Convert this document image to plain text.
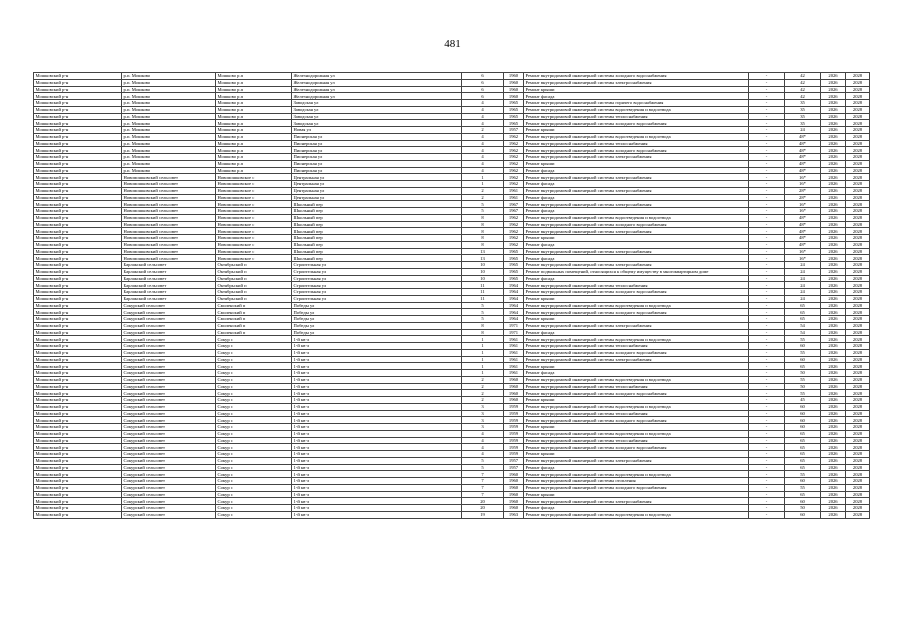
481
Мошковский р-н	р.п. Мошково	Мошково р.п	Железнодорожная ул	6	1960	Ремонт внутридомовой инженерной системы холодного водоснабжения	-	42	2026	2028
Мошковский р-н	р.п. Мошково	Мошково р.п	Железнодорожная ул	6	1960	Ремонт внутридомовой инженерной системы электроснабжения	-	42	2026	2028
Мошковский р-н	р.п. Мошково	Мошково р.п	Железнодорожная ул	6	1960	Ремонт крыши	-	42	2026	2028
Мошковский р-н	р.п. Мошково	Мошково р.п	Железнодорожная ул	6	1960	Ремонт фасада	-	42	2026	2028
Мошковский р-н	р.п. Мошково	Мошково р.п	Заводская ул	4	1965	Ремонт внутридомовой инженерной системы горячего водоснабжения	-	35	2026	2028
Мошковский р-н	р.п. Мошково	Мошково р.п	Заводская ул	4	1965	Ремонт внутридомовой инженерной системы водоотведения и водоотвода	-	35	2026	2028
Мошковский р-н	р.п. Мошково	Мошково р.п	Заводская ул	4	1965	Ремонт внутридомовой инженерной системы теплоснабжения	-	35	2026	2028
Мошковский р-н	р.п. Мошково	Мошково р.п	Заводская ул	4	1965	Ремонт внутридомовой инженерной системы холодного водоснабжения	-	35	2026	2028
Мошковский р-н	р.п. Мошково	Мошково р.п	Новая ул	2	1957	Ремонт крыши	-	24	2026	2028
Мошковский р-н	р.п. Мошково	Мошково р.п	Пионерская ул	4	1962	Ремонт внутридомовой инженерной системы водоотведения и водоотвода	-	48*	2026	2028
Мошковский р-н	р.п. Мошково	Мошково р.п	Пионерская ул	4	1962	Ремонт внутридомовой инженерной системы теплоснабжения	-	48*	2026	2028
Мошковский р-н	р.п. Мошково	Мошково р.п	Пионерская ул	4	1962	Ремонт внутридомовой инженерной системы холодного водоснабжения	-	48*	2026	2028
Мошковский р-н	р.п. Мошково	Мошково р.п	Пионерская ул	4	1962	Ремонт внутридомовой инженерной системы электроснабжения	-	48*	2026	2028
Мошковский р-н	р.п. Мошково	Мошково р.п	Пионерская ул	4	1962	Ремонт крыши	-	48*	2026	2028
Мошковский р-н	р.п. Мошково	Мошково р.п	Пионерская ул	4	1962	Ремонт фасада	-	48*	2026	2028
Мошковский р-н	Новомошковский сельсовет	Новомошковское с	Центральная ул	1	1962	Ремонт внутридомовой инженерной системы электроснабжения	-	16*	2026	2028
Мошковский р-н	Новомошковский сельсовет	Новомошковское с	Центральная ул	1	1962	Ремонт фасада	-	16*	2026	2028
Мошковский р-н	Новомошковский сельсовет	Новомошковское с	Центральная ул	2	1961	Ремонт внутридомовой инженерной системы электроснабжения	-	28*	2026	2028
Мошковский р-н	Новомошковский сельсовет	Новомошковское с	Центральная ул	2	1961	Ремонт фасада	-	28*	2026	2028
Мошковский р-н	Новомошковский сельсовет	Новомошковское с	Школьный пер	5	1967	Ремонт внутридомовой инженерной системы электроснабжения	-	16*	2026	2028
Мошковский р-н	Новомошковский сельсовет	Новомошковское с	Школьный пер	5	1967	Ремонт фасада	-	16*	2026	2028
Мошковский р-н	Новомошковский сельсовет	Новомошковское с	Школьный пер	8	1962	Ремонт внутридомовой инженерной системы водоотведения и водоотвода	-	48*	2026	2028
Мошковский р-н	Новомошковский сельсовет	Новомошковское с	Школьный пер	8	1962	Ремонт внутридомовой инженерной системы холодного водоснабжения	-	48*	2026	2028
Мошковский р-н	Новомошковский сельсовет	Новомошковское с	Школьный пер	8	1962	Ремонт внутридомовой инженерной системы электроснабжения	-	48*	2026	2028
Мошковский р-н	Новомошковский сельсовет	Новомошковское с	Школьный пер	8	1962	Ремонт крыши	-	48*	2026	2028
Мошковский р-н	Новомошковский сельсовет	Новомошковское с	Школьный пер	8	1962	Ремонт фасада	-	48*	2026	2028
Мошковский р-н	Новомошковский сельсовет	Новомошковское с	Школьный пер	13	1965	Ремонт внутридомовой инженерной системы электроснабжения	-	16*	2026	2028
Мошковский р-н	Новомошковский сельсовет	Новомошковское с	Школьный пер	13	1965	Ремонт фасада	-	16*	2026	2028
Мошковский р-н	Барлакский сельсовет	Октябрьский п	Строительная ул	10	1965	Ремонт внутридомовой инженерной системы электроснабжения	-	24	2026	2028
Мошковский р-н	Барлакский сельсовет	Октябрьский п	Строительная ул	10	1965	Ремонт подвальных помещений, относящихся к общему имуществу в многоквартирном доме	-	24	2026	2028
Мошковский р-н	Барлакский сельсовет	Октябрьский п	Строительная ул	10	1965	Ремонт фасада	-	24	2026	2028
Мошковский р-н	Барлакский сельсовет	Октябрьский п	Строительная ул	11	1964	Ремонт внутридомовой инженерной системы теплоснабжения	-	24	2026	2028
Мошковский р-н	Барлакский сельсовет	Октябрьский п	Строительная ул	11	1964	Ремонт внутридомовой инженерной системы холодного водоснабжения	-	24	2026	2028
Мошковский р-н	Барлакский сельсовет	Октябрьский п	Строительная ул	11	1964	Ремонт крыши	-	24	2026	2028
Мошковский р-н	Сокурский сельсовет	Смоленский п	Победы ул	5	1964	Ремонт внутридомовой инженерной системы водоотведения и водоотвода	-	65	2026	2028
Мошковский р-н	Сокурский сельсовет	Смоленский п	Победы ул	5	1964	Ремонт внутридомовой инженерной системы холодного водоснабжения	-	65	2026	2028
Мошковский р-н	Сокурский сельсовет	Смоленский п	Победы ул	5	1964	Ремонт крыши	-	65	2026	2028
Мошковский р-н	Сокурский сельсовет	Смоленский п	Победы ул	8	1971	Ремонт внутридомовой инженерной системы электроснабжения	-	54	2026	2028
Мошковский р-н	Сокурский сельсовет	Смоленский п	Победы ул	8	1971	Ремонт фасада	-	54	2026	2028
Мошковский р-н	Сокурский сельсовет	Сокур с	1-й кв-л	1	1961	Ремонт внутридомовой инженерной системы водоотведения и водоотвода	-	55	2026	2028
Мошковский р-н	Сокурский сельсовет	Сокур с	1-й кв-л	1	1961	Ремонт внутридомовой инженерной системы теплоснабжения	-	60	2026	2028
Мошковский р-н	Сокурский сельсовет	Сокур с	1-й кв-л	1	1961	Ремонт внутридомовой инженерной системы холодного водоснабжения	-	55	2026	2028
Мошковский р-н	Сокурский сельсовет	Сокур с	1-й кв-л	1	1961	Ремонт внутридомовой инженерной системы электроснабжения	-	60	2026	2028
Мошковский р-н	Сокурский сельсовет	Сокур с	1-й кв-л	1	1961	Ремонт крыши	-	65	2026	2028
Мошковский р-н	Сокурский сельсовет	Сокур с	1-й кв-л	1	1961	Ремонт фасада	-	50	2026	2028
Мошковский р-н	Сокурский сельсовет	Сокур с	1-й кв-л	2	1960	Ремонт внутридомовой инженерной системы водоотведения и водоотвода	-	55	2026	2028
Мошковский р-н	Сокурский сельсовет	Сокур с	1-й кв-л	2	1960	Ремонт внутридомовой инженерной системы теплоснабжения	-	50	2026	2028
Мошковский р-н	Сокурский сельсовет	Сокур с	1-й кв-л	2	1960	Ремонт внутридомовой инженерной системы холодного водоснабжения	-	55	2026	2028
Мошковский р-н	Сокурский сельсовет	Сокур с	1-й кв-л	2	1960	Ремонт крыши	-	45	2026	2028
Мошковский р-н	Сокурский сельсовет	Сокур с	1-й кв-л	3	1959	Ремонт внутридомовой инженерной системы водоотведения и водоотвода	-	60	2026	2028
Мошковский р-н	Сокурский сельсовет	Сокур с	1-й кв-л	3	1959	Ремонт внутридомовой инженерной системы теплоснабжения	-	60	2026	2028
Мошковский р-н	Сокурский сельсовет	Сокур с	1-й кв-л	3	1959	Ремонт внутридомовой инженерной системы холодного водоснабжения	-	60	2026	2028
Мошковский р-н	Сокурский сельсовет	Сокур с	1-й кв-л	3	1959	Ремонт крыши	-	60	2026	2028
Мошковский р-н	Сокурский сельсовет	Сокур с	1-й кв-л	4	1959	Ремонт внутридомовой инженерной системы водоотведения и водоотвода	-	65	2026	2028
Мошковский р-н	Сокурский сельсовет	Сокур с	1-й кв-л	4	1959	Ремонт внутридомовой инженерной системы теплоснабжения	-	65	2026	2028
Мошковский р-н	Сокурский сельсовет	Сокур с	1-й кв-л	4	1959	Ремонт внутридомовой инженерной системы холодного водоснабжения	-	65	2026	2028
Мошковский р-н	Сокурский сельсовет	Сокур с	1-й кв-л	4	1959	Ремонт крыши	-	65	2026	2028
Мошковский р-н	Сокурский сельсовет	Сокур с	1-й кв-л	5	1957	Ремонт внутридомовой инженерной системы электроснабжения	-	65	2026	2028
Мошковский р-н	Сокурский сельсовет	Сокур с	1-й кв-л	5	1957	Ремонт фасада	-	65	2026	2028
Мошковский р-н	Сокурский сельсовет	Сокур с	1-й кв-л	7	1960	Ремонт внутридомовой инженерной системы водоотведения и водоотвода	-	55	2026	2028
Мошковский р-н	Сокурский сельсовет	Сокур с	1-й кв-л	7	1960	Ремонт внутридомовой инженерной системы отопления	-	60	2026	2028
Мошковский р-н	Сокурский сельсовет	Сокур с	1-й кв-л	7	1960	Ремонт внутридомовой инженерной системы холодного водоснабжения	-	55	2026	2028
Мошковский р-н	Сокурский сельсовет	Сокур с	1-й кв-л	7	1960	Ремонт крыши	-	65	2026	2028
Мошковский р-н	Сокурский сельсовет	Сокур с	1-й кв-л	20	1960	Ремонт внутридомовой инженерной системы электроснабжения	-	60	2026	2028
Мошковский р-н	Сокурский сельсовет	Сокур с	1-й кв-л	20	1960	Ремонт фасада	-	50	2026	2028
Мошковский р-н	Сокурский сельсовет	Сокур с	1-й кв-л	19	1963	Ремонт внутридомовой инженерной системы водоотведения и водоотвода	-	60	2026	2028
